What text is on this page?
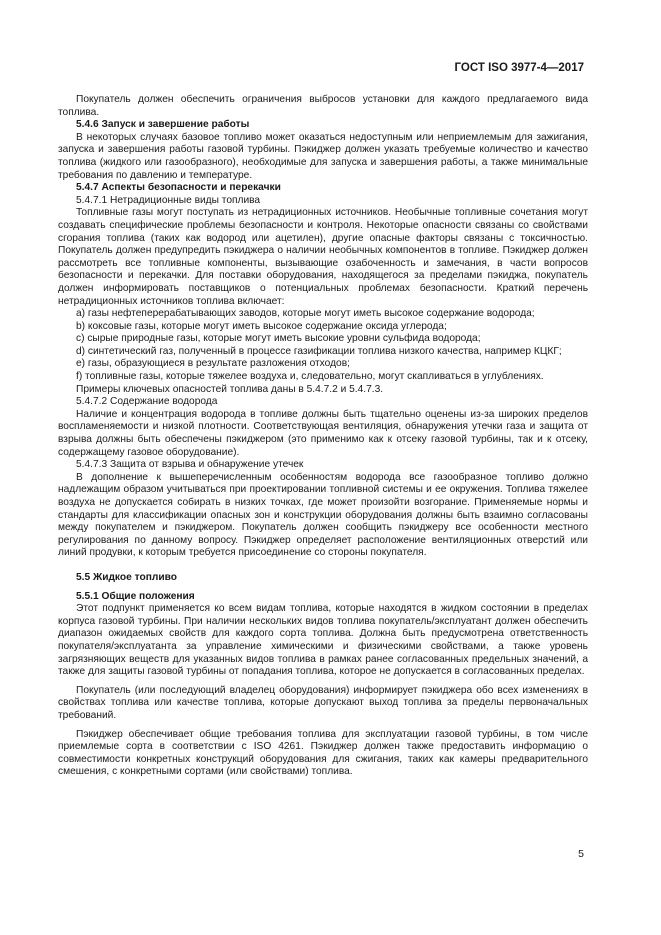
ГОСТ ISO 3977-4—2017

Покупатель должен обеспечить ограничения выбросов установки для каждого предлагаемого вида топлива.

5.4.6 Запуск и завершение работы

В некоторых случаях базовое топливо может оказаться недоступным или неприемлемым для зажигания, запуска и завершения работы газовой турбины. Пэкиджер должен указать требуемые количество и качество топлива (жидкого или газообразного), необходимые для запуска и завершения работы, а также минимальные требования по давлению и температуре.

5.4.7 Аспекты безопасности и перекачки

5.4.7.1 Нетрадиционные виды топлива

Топливные газы могут поступать из нетрадиционных источников. Необычные топливные сочетания могут создавать специфические проблемы безопасности и контроля. Некоторые опасности связаны со свойствами сгорания топлива (таких как водород или ацетилен), другие опасные факторы связаны с токсичностью. Покупатель должен предупредить пэкиджера о наличии необычных компонентов в топливе. Пэкиджер должен рассмотреть все топливные компоненты, вызывающие озабоченность и замечания, в части вопросов безопасности и перекачки. Для поставки оборудования, находящегося за пределами пэкиджа, покупатель должен информировать поставщиков о потенциальных проблемах безопасности. Краткий перечень нетрадиционных источников топлива включает:

а) газы нефтеперерабатывающих заводов, которые могут иметь высокое содержание водорода;

b) коксовые газы, которые могут иметь высокое содержание оксида углерода;

с) сырые природные газы, которые могут иметь высокие уровни сульфида водорода;

d) синтетический газ, полученный в процессе газификации топлива низкого качества, например КЦКГ;

е) газы, образующиеся в результате разложения отходов;

f) топливные газы, которые тяжелее воздуха и, следовательно, могут скапливаться в углублениях.

Примеры ключевых опасностей топлива даны в 5.4.7.2 и 5.4.7.3.

5.4.7.2 Содержание водорода

Наличие и концентрация водорода в топливе должны быть тщательно оценены из-за широких пределов воспламеняемости и низкой плотности. Соответствующая вентиляция, обнаружения утечки газа и защита от взрыва должны быть обеспечены пэкиджером (это применимо как к отсеку газовой турбины, так и к отсеку, содержащему газовое оборудование).

5.4.7.3 Защита от взрыва и обнаружение утечек

В дополнение к вышеперечисленным особенностям водорода все газообразное топливо должно надлежащим образом учитываться при проектировании топливной системы и ее окружения. Топлива тяжелее воздуха не допускается собирать в низких точках, где может произойти возгорание. Применяемые нормы и стандарты для классификации опасных зон и конструкции оборудования должны быть взаимно согласованы между покупателем и пэкиджером. Покупатель должен сообщить пэкиджеру все особенности местного регулирования по данному вопросу. Пэкиджер определяет расположение вентиляционных отверстий или линий продувки, к которым требуется присоединение со стороны покупателя.

5.5 Жидкое топливо

5.5.1 Общие положения

Этот подпункт применяется ко всем видам топлива, которые находятся в жидком состоянии в пределах корпуса газовой турбины. При наличии нескольких видов топлива покупатель/эксплуатант должен обеспечить диапазон ожидаемых свойств для каждого сорта топлива. Должна быть предусмотрена ответственность покупателя/эксплуатанта за управление химическими и физическими свойствами, а также уровень загрязняющих веществ для указанных видов топлива в рамках ранее согласованных предельных значений, а также для защиты газовой турбины от попадания топлива, которое не допускается в согласованных пределах.

Покупатель (или последующий владелец оборудования) информирует пэкиджера обо всех изменениях в свойствах топлива или качестве топлива, которые допускают выход топлива за пределы первоначальных требований.

Пэкиджер обеспечивает общие требования топлива для эксплуатации газовой турбины, в том числе приемлемые сорта в соответствии с ISO 4261. Пэкиджер должен также предоставить информацию о совместимости конкретных конструкций оборудования для сжигания, таких как камеры предварительного смешения, с конкретными сортами (или свойствами) топлива.

5
